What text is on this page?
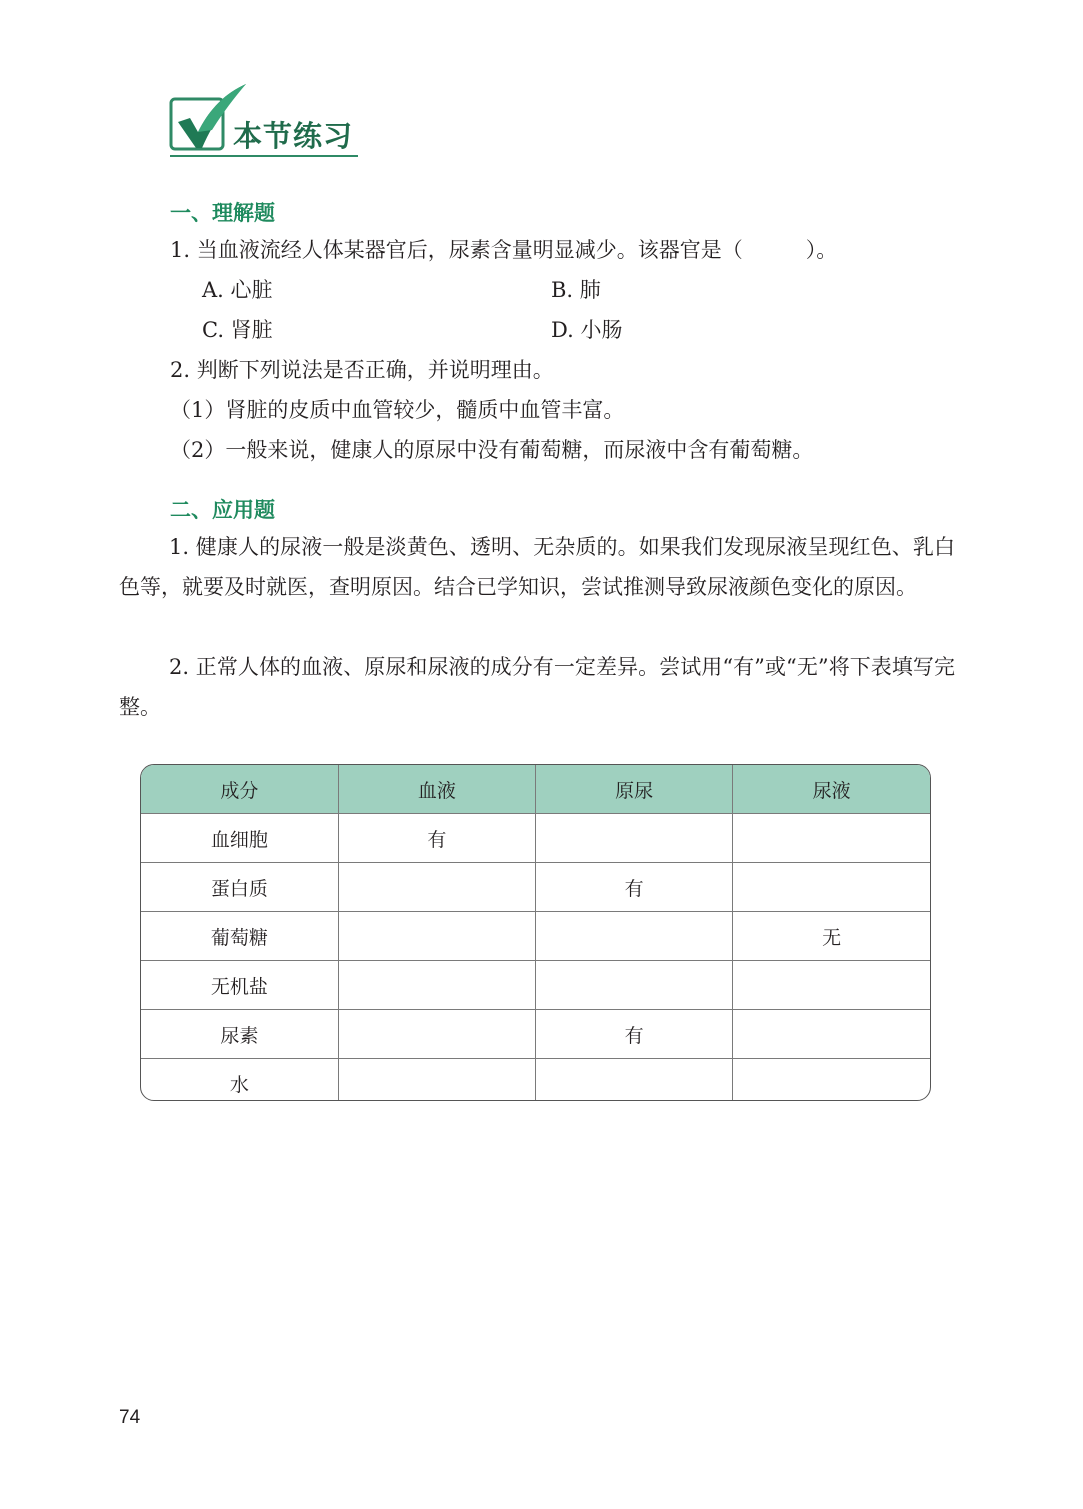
本节练习
一、理解题
1. 当血液流经人体某器官后，尿素含量明显减少。该器官是（　　　）。
A. 心脏	B. 肺
C. 肾脏	D. 小肠
2. 判断下列说法是否正确，并说明理由。
（1）肾脏的皮质中血管较少，髓质中血管丰富。
（2）一般来说，健康人的原尿中没有葡萄糖，而尿液中含有葡萄糖。
二、应用题
1. 健康人的尿液一般是淡黄色、透明、无杂质的。如果我们发现尿液呈现红色、乳白色等，就要及时就医，查明原因。结合已学知识，尝试推测导致尿液颜色变化的原因。
2. 正常人体的血液、原尿和尿液的成分有一定差异。尝试用“有”或“无”将下表填写完整。
成分	血液	原尿	尿液
血细胞	有		
蛋白质		有	
葡萄糖			无
无机盐			
尿素		有	
水			
74
